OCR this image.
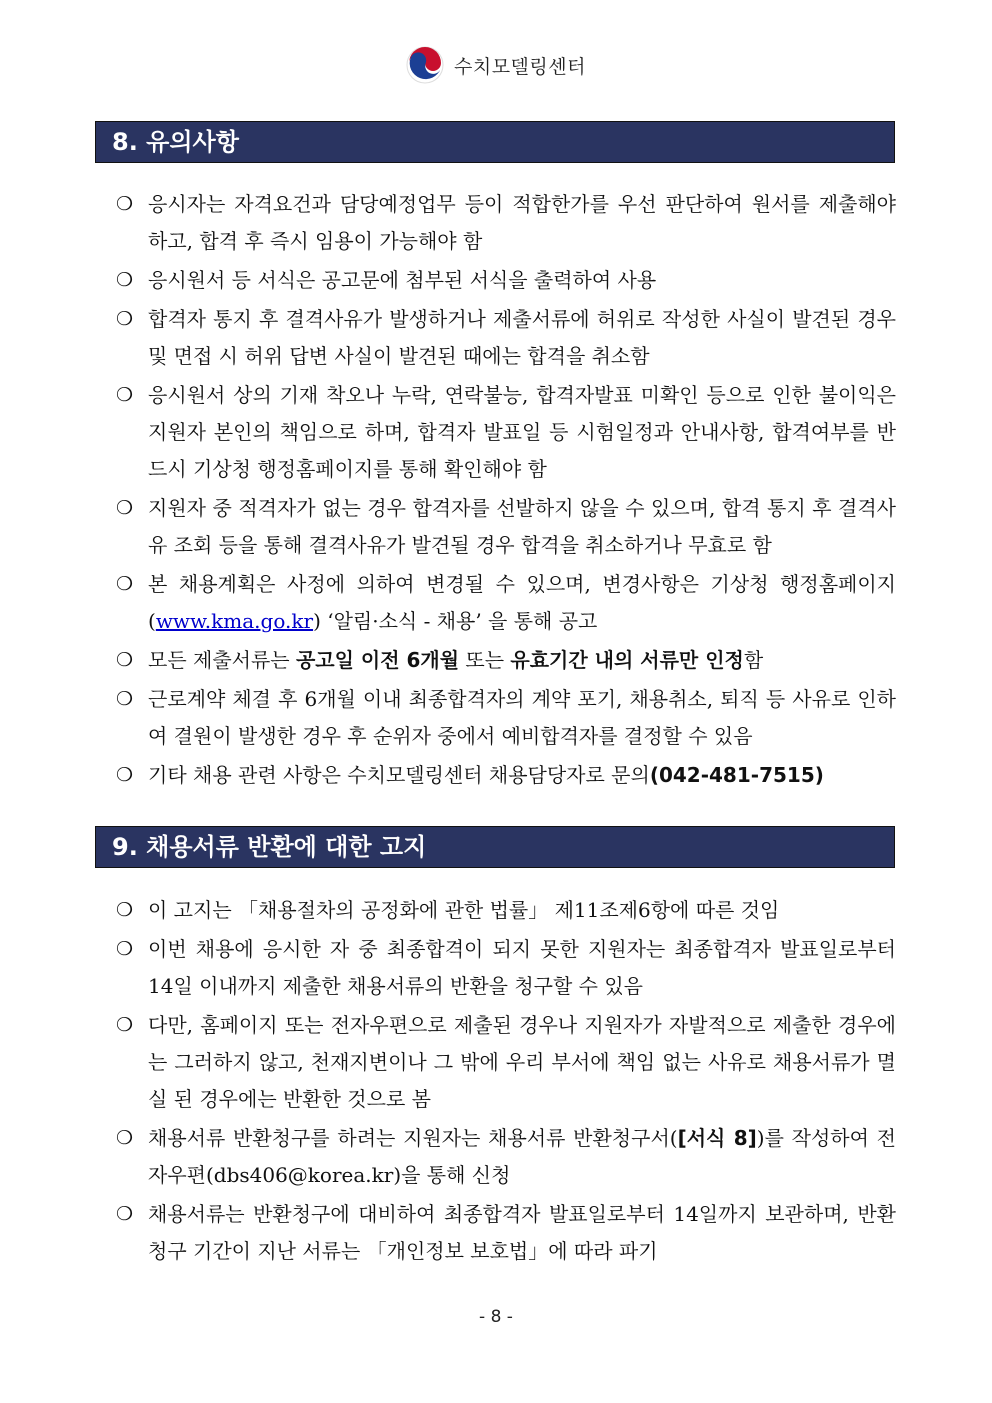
수치모델링센터
8. 유의사항
❍ 응시자는 자격요건과 담당예정업무 등이 적합한가를 우선 판단하여 원서를 제출해야 하고, 합격 후 즉시 임용이 가능해야 함
❍ 응시원서 등 서식은 공고문에 첨부된 서식을 출력하여 사용
❍ 합격자 통지 후 결격사유가 발생하거나 제출서류에 허위로 작성한 사실이 발견된 경우 및 면접 시 허위 답변 사실이 발견된 때에는 합격을 취소함
❍ 응시원서 상의 기재 착오나 누락, 연락불능, 합격자발표 미확인 등으로 인한 불이익은 지원자 본인의 책임으로 하며, 합격자 발표일 등 시험일정과 안내사항, 합격여부를 반드시 기상청 행정홈페이지를 통해 확인해야 함
❍ 지원자 중 적격자가 없는 경우 합격자를 선발하지 않을 수 있으며, 합격 통지 후 결격사유 조회 등을 통해 결격사유가 발견될 경우 합격을 취소하거나 무효로 함
❍ 본 채용계획은 사정에 의하여 변경될 수 있으며, 변경사항은 기상청 행정홈페이지(www.kma.go.kr) ‘알림·소식 - 채용’ 을 통해 공고
❍ 모든 제출서류는 공고일 이전 6개월 또는 유효기간 내의 서류만 인정함
❍ 근로계약 체결 후 6개월 이내 최종합격자의 계약 포기, 채용취소, 퇴직 등 사유로 인하여 결원이 발생한 경우 후 순위자 중에서 예비합격자를 결정할 수 있음
❍ 기타 채용 관련 사항은 수치모델링센터 채용담당자로 문의(042-481-7515)
9. 채용서류 반환에 대한 고지
❍ 이 고지는 「채용절차의 공정화에 관한 법률」 제11조제6항에 따른 것임
❍ 이번 채용에 응시한 자 중 최종합격이 되지 못한 지원자는 최종합격자 발표일로부터 14일 이내까지 제출한 채용서류의 반환을 청구할 수 있음
❍ 다만, 홈페이지 또는 전자우편으로 제출된 경우나 지원자가 자발적으로 제출한 경우에는 그러하지 않고, 천재지변이나 그 밖에 우리 부서에 책임 없는 사유로 채용서류가 멸실 된 경우에는 반환한 것으로 봄
❍ 채용서류 반환청구를 하려는 지원자는 채용서류 반환청구서([서식 8])를 작성하여 전자우편(dbs406@korea.kr)을 통해 신청
❍ 채용서류는 반환청구에 대비하여 최종합격자 발표일로부터 14일까지 보관하며, 반환청구 기간이 지난 서류는 「개인정보 보호법」에 따라 파기
- 8 -
